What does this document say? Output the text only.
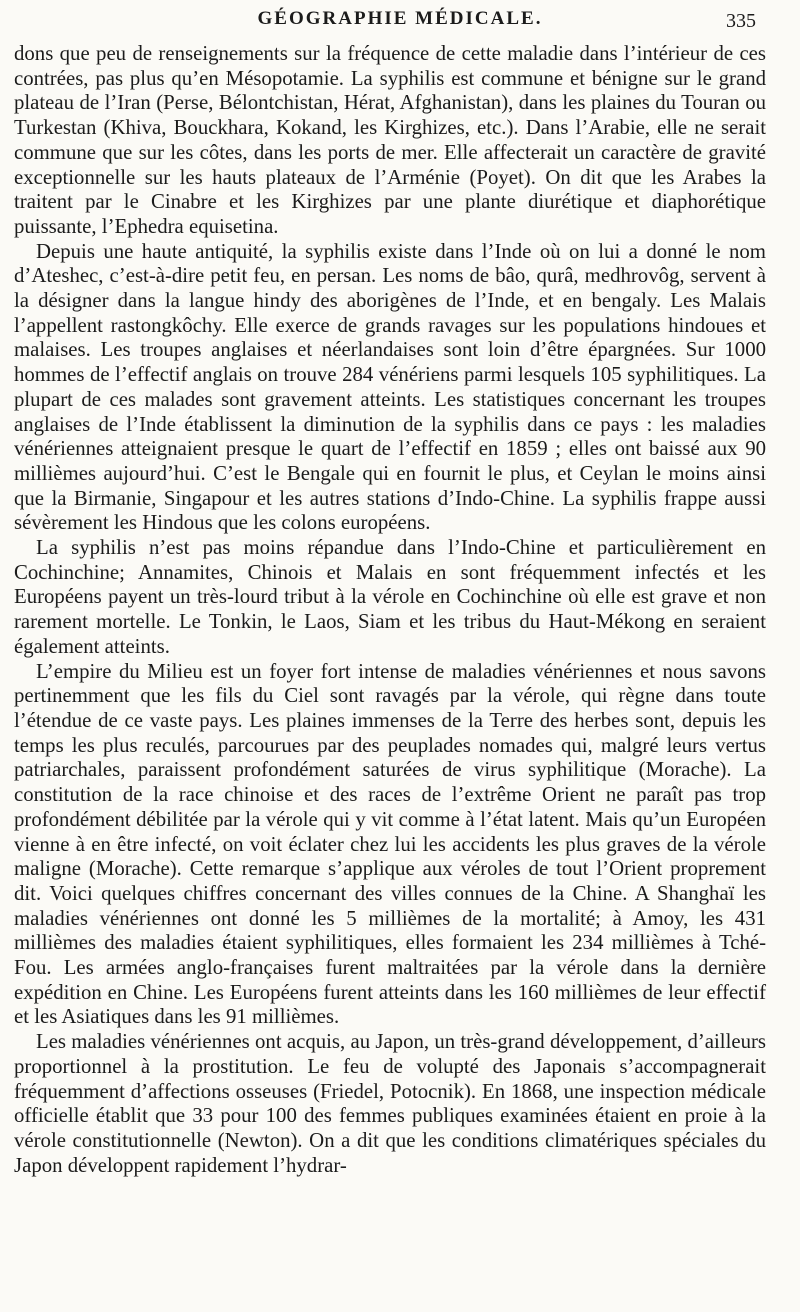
GÉOGRAPHIE MÉDICALE.	335

dons que peu de renseignements sur la fréquence de cette maladie dans l’intérieur de ces contrées, pas plus qu’en Mésopotamie. La syphilis est commune et bénigne sur le grand plateau de l’Iran (Perse, Bélontchistan, Hérat, Afghanistan), dans les plaines du Touran ou Turkestan (Khiva, Bouckhara, Kokand, les Kirghizes, etc.). Dans l’Arabie, elle ne serait commune que sur les côtes, dans les ports de mer. Elle affecterait un caractère de gravité exceptionnelle sur les hauts plateaux de l’Arménie (Poyet). On dit que les Arabes la traitent par le Cinabre et les Kirghizes par une plante diurétique et diaphorétique puissante, l’Ephedra equisetina.

Depuis une haute antiquité, la syphilis existe dans l’Inde où on lui a donné le nom d’Ateshec, c’est-à-dire petit feu, en persan. Les noms de bâo, qurâ, medhrovôg, servent à la désigner dans la langue hindy des aborigènes de l’Inde, et en bengaly. Les Malais l’appellent rastongkôchy. Elle exerce de grands ravages sur les populations hindoues et malaises. Les troupes anglaises et néerlandaises sont loin d’être épargnées. Sur 1000 hommes de l’effectif anglais on trouve 284 vénériens parmi lesquels 105 syphilitiques. La plupart de ces malades sont gravement atteints. Les statistiques concernant les troupes anglaises de l’Inde établissent la diminution de la syphilis dans ce pays : les maladies vénériennes atteignaient presque le quart de l’effectif en 1859 ; elles ont baissé aux 90 millièmes aujourd’hui. C’est le Bengale qui en fournit le plus, et Ceylan le moins ainsi que la Birmanie, Singapour et les autres stations d’Indo-Chine. La syphilis frappe aussi sévèrement les Hindous que les colons européens.

La syphilis n’est pas moins répandue dans l’Indo-Chine et particulièrement en Cochinchine; Annamites, Chinois et Malais en sont fréquemment infectés et les Européens payent un très-lourd tribut à la vérole en Cochinchine où elle est grave et non rarement mortelle. Le Tonkin, le Laos, Siam et les tribus du Haut-Mékong en seraient également atteints.

L’empire du Milieu est un foyer fort intense de maladies vénériennes et nous savons pertinemment que les fils du Ciel sont ravagés par la vérole, qui règne dans toute l’étendue de ce vaste pays. Les plaines immenses de la Terre des herbes sont, depuis les temps les plus reculés, parcourues par des peuplades nomades qui, malgré leurs vertus patriarchales, paraissent profondément saturées de virus syphilitique (Morache). La constitution de la race chinoise et des races de l’extrême Orient ne paraît pas trop profondément débilitée par la vérole qui y vit comme à l’état latent. Mais qu’un Européen vienne à en être infecté, on voit éclater chez lui les accidents les plus graves de la vérole maligne (Morache). Cette remarque s’applique aux véroles de tout l’Orient proprement dit. Voici quelques chiffres concernant des villes connues de la Chine. A Shanghaï les maladies vénériennes ont donné les 5 millièmes de la mortalité; à Amoy, les 431 millièmes des maladies étaient syphilitiques, elles formaient les 234 millièmes à Tché-Fou. Les armées anglo-françaises furent maltraitées par la vérole dans la dernière expédition en Chine. Les Européens furent atteints dans les 160 millièmes de leur effectif et les Asiatiques dans les 91 millièmes.

Les maladies vénériennes ont acquis, au Japon, un très-grand développement, d’ailleurs proportionnel à la prostitution. Le feu de volupté des Japonais s’accompagnerait fréquemment d’affections osseuses (Friedel, Potocnik). En 1868, une inspection médicale officielle établit que 33 pour 100 des femmes publiques examinées étaient en proie à la vérole constitutionnelle (Newton). On a dit que les conditions climatériques spéciales du Japon développent rapidement l’hydrar-
